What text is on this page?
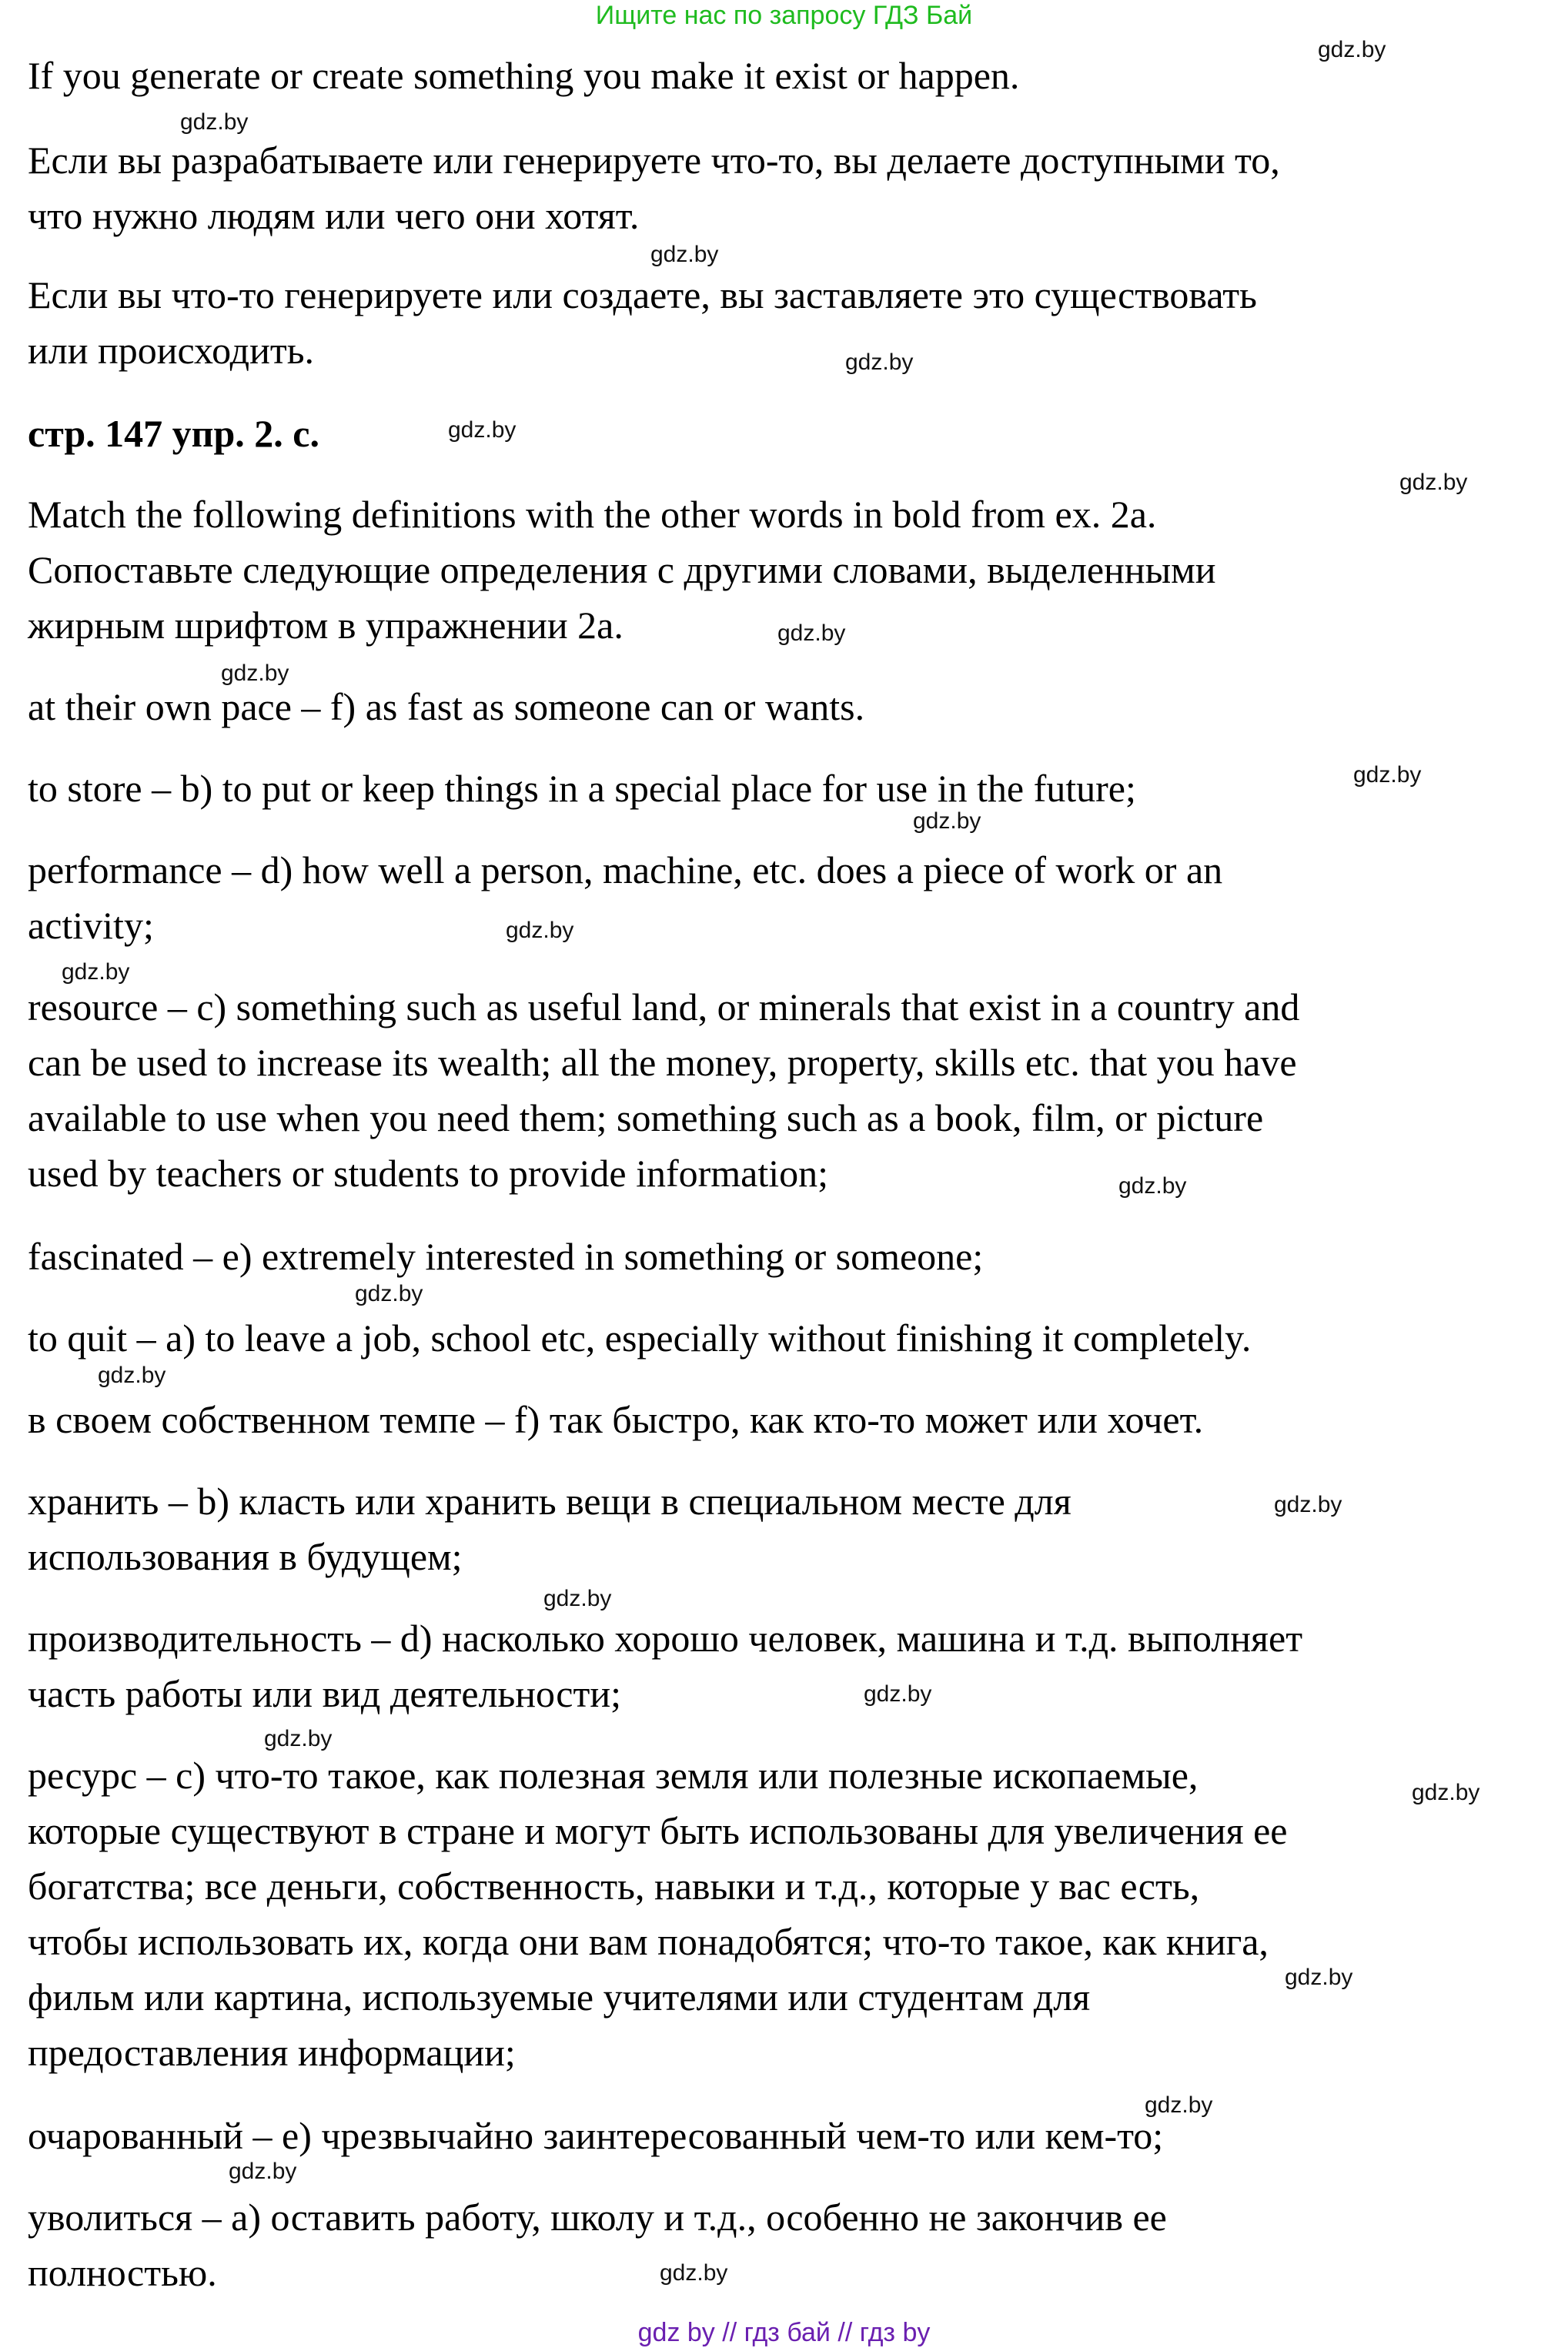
Ищите нас по запросу ГДЗ Бай
If you generate or create something you make it exist or happen.
Если вы разрабатываете или генерируете что-то, вы делаете доступными то,
что нужно людям или чего они хотят.
Если вы что-то генерируете или создаете, вы заставляете это существовать
или происходить.
стр. 147 упр. 2. c.
Match the following definitions with the other words in bold from ex. 2a.
Сопоставьте следующие определения с другими словами, выделенными
жирным шрифтом в упражнении 2a.
at their own pace – f) as fast as someone can or wants.
to store – b) to put or keep things in a special place for use in the future;
performance – d) how well a person, machine, etc. does a piece of work or an
activity;
resource – c) something such as useful land, or minerals that exist in a country and
can be used to increase its wealth; all the money, property, skills etc. that you have
available to use when you need them; something such as a book, film, or picture
used by teachers or students to provide information;
fascinated – e) extremely interested in something or someone;
to quit – a) to leave a job, school etc, especially without finishing it completely.
в своем собственном темпе – f) так быстро, как кто-то может или хочет.
хранить – b) класть или хранить вещи в специальном месте для
использования в будущем;
производительность – d) насколько хорошо человек, машина и т.д. выполняет
часть работы или вид деятельности;
ресурс – c) что-то такое, как полезная земля или полезные ископаемые,
которые существуют в стране и могут быть использованы для увеличения ее
богатства; все деньги, собственность, навыки и т.д., которые у вас есть,
чтобы использовать их, когда они вам понадобятся; что-то такое, как книга,
фильм или картина, используемые учителями или студентам для
предоставления информации;
очарованный – e) чрезвычайно заинтересованный чем-то или кем-то;
уволиться – a) оставить работу, школу и т.д., особенно не закончив ее
полностью.
gdz.by
gdz.by
gdz.by
gdz.by
gdz.by
gdz.by
gdz.by
gdz.by
gdz.by
gdz.by
gdz.by
gdz.by
gdz.by
gdz.by
gdz.by
gdz.by
gdz.by
gdz.by
gdz.by
gdz.by
gdz.by
gdz.by
gdz.by
gdz.by
gdz by // гдз бай // гдз by
